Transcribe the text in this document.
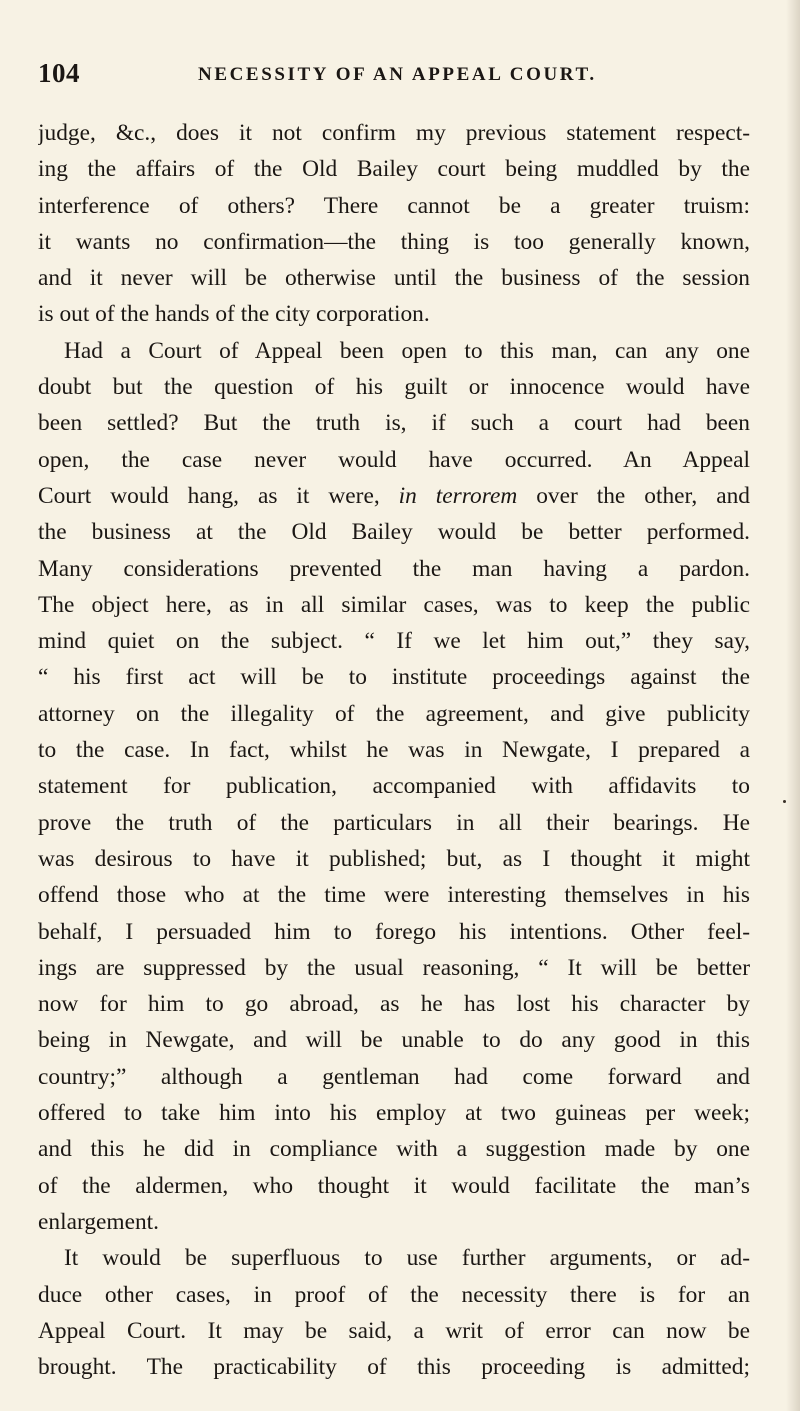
104	NECESSITY OF AN APPEAL COURT.
judge, &c., does it not confirm my previous statement respect-
ing the affairs of the Old Bailey court being muddled by the
interference of others? There cannot be a greater truism:
it wants no confirmation—the thing is too generally known,
and it never will be otherwise until the business of the session
is out of the hands of the city corporation.
Had a Court of Appeal been open to this man, can any one
doubt but the question of his guilt or innocence would have
been settled? But the truth is, if such a court had been
open, the case never would have occurred. An Appeal
Court would hang, as it were, in terrorem over the other, and
the business at the Old Bailey would be better performed.
Many considerations prevented the man having a pardon.
The object here, as in all similar cases, was to keep the public
mind quiet on the subject. “ If we let him out,” they say,
“ his first act will be to institute proceedings against the
attorney on the illegality of the agreement, and give publicity
to the case. In fact, whilst he was in Newgate, I prepared a
statement for publication, accompanied with affidavits to
prove the truth of the particulars in all their bearings. He
was desirous to have it published; but, as I thought it might
offend those who at the time were interesting themselves in his
behalf, I persuaded him to forego his intentions. Other feel-
ings are suppressed by the usual reasoning, “ It will be better
now for him to go abroad, as he has lost his character by
being in Newgate, and will be unable to do any good in this
country;” although a gentleman had come forward and
offered to take him into his employ at two guineas per week;
and this he did in compliance with a suggestion made by one
of the aldermen, who thought it would facilitate the man’s
enlargement.
It would be superfluous to use further arguments, or ad-
duce other cases, in proof of the necessity there is for an
Appeal Court. It may be said, a writ of error can now be
brought. The practicability of this proceeding is admitted;
